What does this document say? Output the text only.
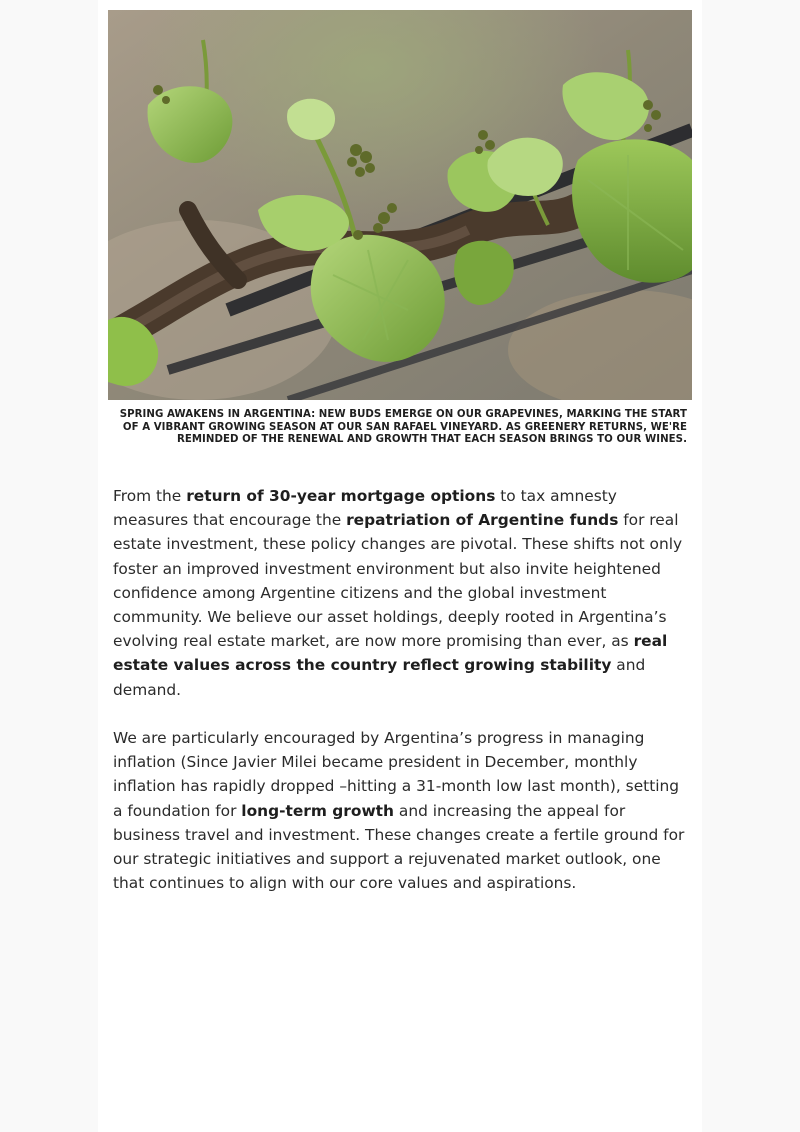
SPRING AWAKENS IN ARGENTINA: NEW BUDS EMERGE ON OUR GRAPEVINES, MARKING THE START OF A VIBRANT GROWING SEASON AT OUR SAN RAFAEL VINEYARD. AS GREENERY RETURNS, WE'RE REMINDED OF THE RENEWAL AND GROWTH THAT EACH SEASON BRINGS TO OUR WINES.

From the return of 30-year mortgage options to tax amnesty measures that encourage the repatriation of Argentine funds for real estate investment, these policy changes are pivotal. These shifts not only foster an improved investment environment but also invite heightened confidence among Argentine citizens and the global investment community. We believe our asset holdings, deeply rooted in Argentina’s evolving real estate market, are now more promising than ever, as real estate values across the country reflect growing stability and demand.

We are particularly encouraged by Argentina’s progress in managing inflation (Since Javier Milei became president in December, monthly inflation has rapidly dropped –hitting a 31-month low last month), setting a foundation for long-term growth and increasing the appeal for business travel and investment. These changes create a fertile ground for our strategic initiatives and support a rejuvenated market outlook, one that continues to align with our core values and aspirations.
